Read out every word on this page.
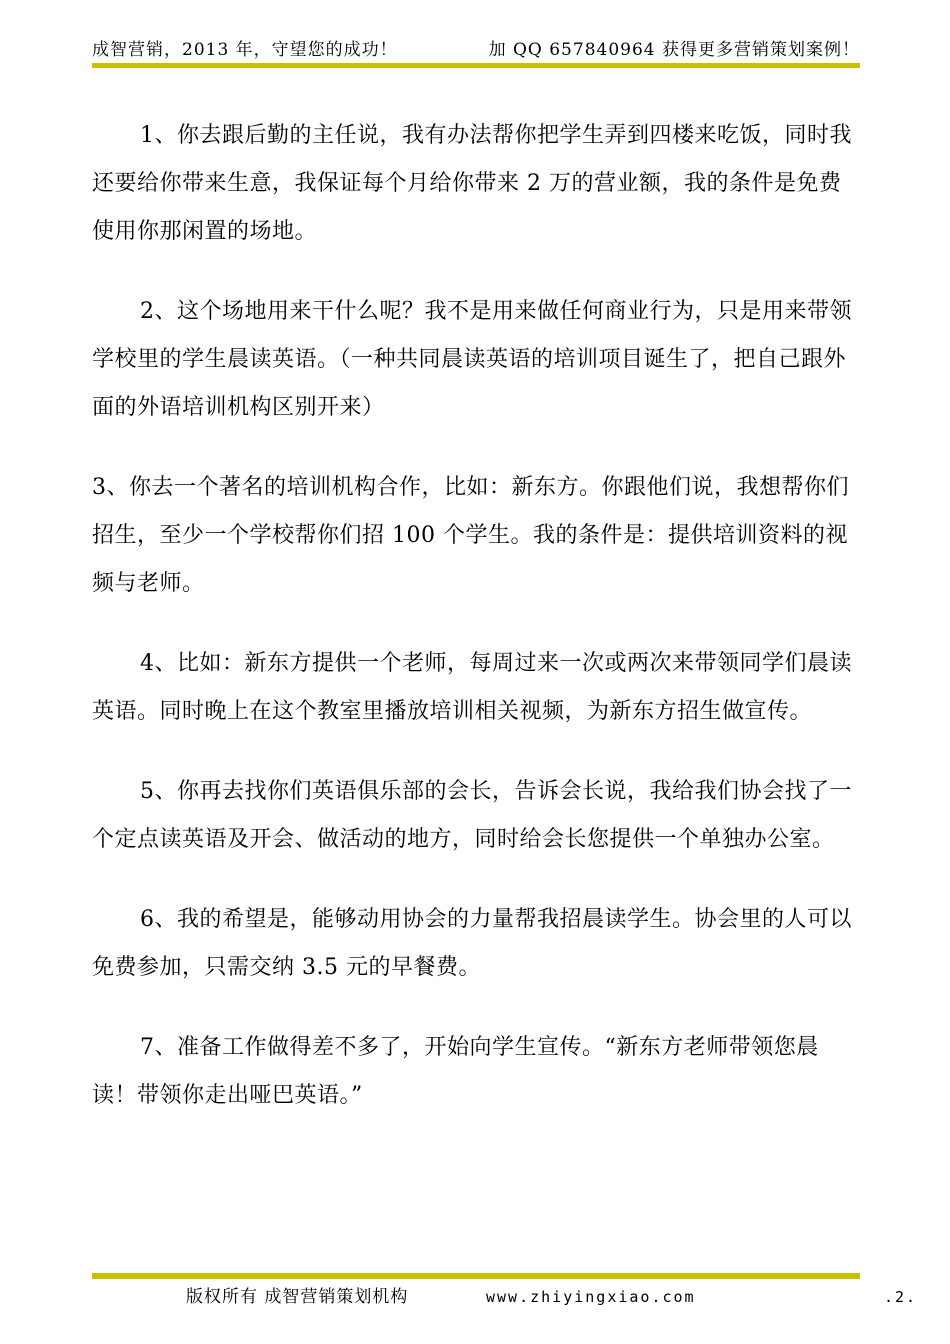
成智营销，2013 年，守望您的成功！	加 QQ 657840964 获得更多营销策划案例！

1、你去跟后勤的主任说，我有办法帮你把学生弄到四楼来吃饭，同时我还要给你带来生意，我保证每个月给你带来 2 万的营业额，我的条件是免费使用你那闲置的场地。

2、这个场地用来干什么呢？我不是用来做任何商业行为，只是用来带领学校里的学生晨读英语。（一种共同晨读英语的培训项目诞生了，把自己跟外面的外语培训机构区别开来）

3、你去一个著名的培训机构合作，比如：新东方。你跟他们说，我想帮你们招生，至少一个学校帮你们招 100 个学生。我的条件是：提供培训资料的视频与老师。

4、比如：新东方提供一个老师，每周过来一次或两次来带领同学们晨读英语。同时晚上在这个教室里播放培训相关视频，为新东方招生做宣传。

5、你再去找你们英语俱乐部的会长，告诉会长说，我给我们协会找了一个定点读英语及开会、做活动的地方，同时给会长您提供一个单独办公室。

6、我的希望是，能够动用协会的力量帮我招晨读学生。协会里的人可以免费参加，只需交纳 3.5 元的早餐费。

7、准备工作做得差不多了，开始向学生宣传。“新东方老师带领您晨读！带领你走出哑巴英语。”

版权所有 成智营销策划机构	www.zhiyingxiao.com	.2.
